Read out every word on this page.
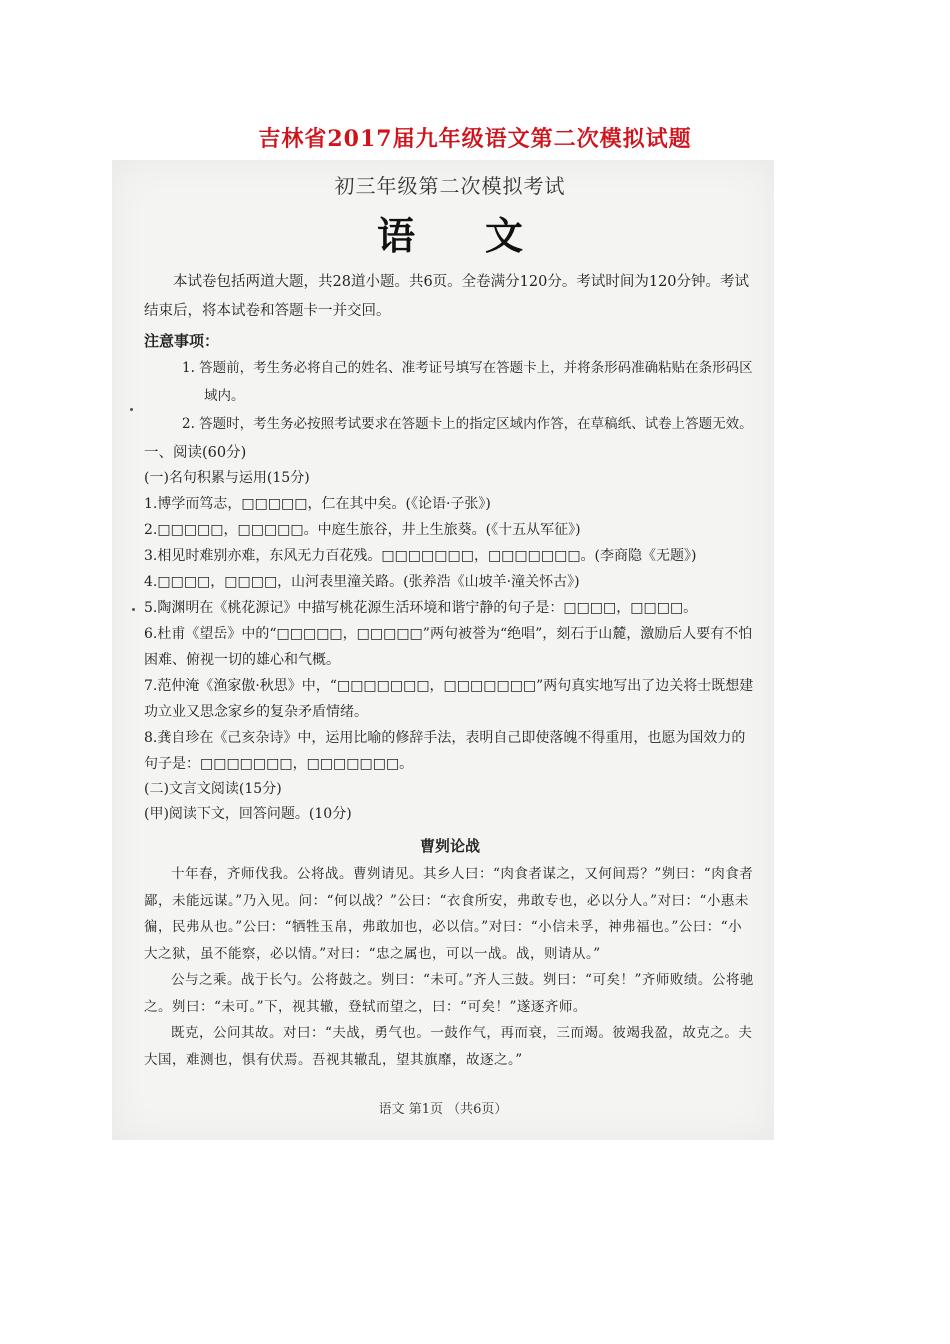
吉林省2017届九年级语文第二次模拟试题
初三年级第二次模拟考试
语文

本试卷包括两道大题，共28道小题。共6页。全卷满分120分。考试时间为120分钟。考试结束后，将本试卷和答题卡一并交回。

注意事项：

1. 答题前，考生务必将自己的姓名、准考证号填写在答题卡上，并将条形码准确粘贴在条形码区域内。

2. 答题时，考生务必按照考试要求在答题卡上的指定区域内作答，在草稿纸、试卷上答题无效。

一、阅读(60分)

(一)名句积累与运用(15分)

1.博学而笃志，□□□□□，仁在其中矣。(《论语·子张》)

2.□□□□□，□□□□□。中庭生旅谷，井上生旅葵。(《十五从军征》)

3.相见时难别亦难，东风无力百花残。□□□□□□□，□□□□□□□。(李商隐《无题》)

4.□□□□，□□□□，山河表里潼关路。(张养浩《山坡羊·潼关怀古》)

5.陶渊明在《桃花源记》中描写桃花源生活环境和谐宁静的句子是：□□□□，□□□□。

6.杜甫《望岳》中的“□□□□□，□□□□□”两句被誉为“绝唱”，刻石于山麓，激励后人要有不怕困难、俯视一切的雄心和气概。

7.范仲淹《渔家傲·秋思》中，“□□□□□□□，□□□□□□□”两句真实地写出了边关将士既想建功立业又思念家乡的复杂矛盾情绪。

8.龚自珍在《己亥杂诗》中，运用比喻的修辞手法，表明自己即使落魄不得重用，也愿为国效力的句子是：□□□□□□□，□□□□□□□。

(二)文言文阅读(15分)

(甲)阅读下文，回答问题。(10分)

曹刿论战

十年春，齐师伐我。公将战。曹刿请见。其乡人曰：“肉食者谋之，又何间焉？”刿曰：“肉食者鄙，未能远谋。”乃入见。问：“何以战？”公曰：“衣食所安，弗敢专也，必以分人。”对曰：“小惠未徧，民弗从也。”公曰：“牺牲玉帛，弗敢加也，必以信。”对曰：“小信未孚，神弗福也。”公曰：“小大之狱，虽不能察，必以情。”对曰：“忠之属也，可以一战。战，则请从。”

公与之乘。战于长勺。公将鼓之。刿曰：“未可。”齐人三鼓。刿曰：“可矣！”齐师败绩。公将驰之。刿曰：“未可。”下，视其辙，登轼而望之，曰：“可矣！”遂逐齐师。

既克，公问其故。对曰：“夫战，勇气也。一鼓作气，再而衰，三而竭。彼竭我盈，故克之。夫大国，难测也，惧有伏焉。吾视其辙乱，望其旗靡，故逐之。”

语文 第1页 （共6页）
